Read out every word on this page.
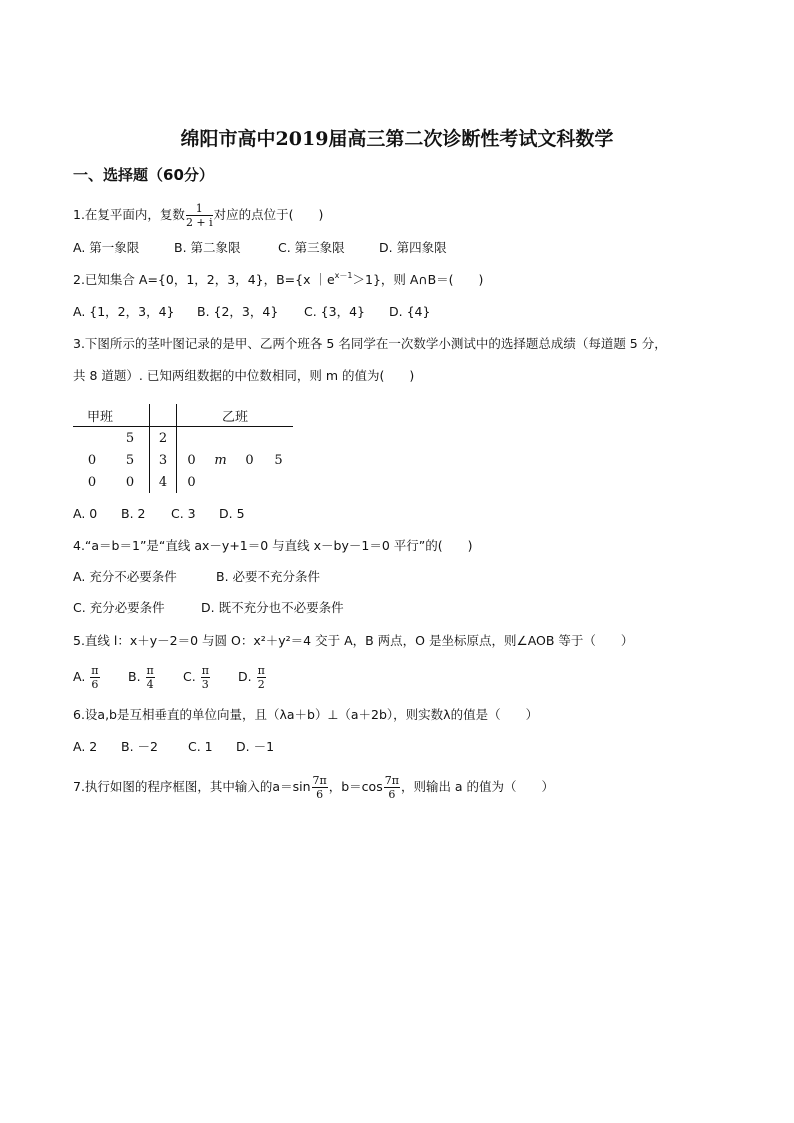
绵阳市高中2019届高三第二次诊断性考试文科数学
一、选择题（60分）
1.在复平面内，复数 $\frac{1}{2 + i}$ 对应的点位于(　　)
A. 第一象限	B. 第二象限	C. 第三象限	D. 第四象限
2.已知集合 A={0，1，2，3，4}，B={x $|e^{x-1}>1$}，则 A∩B＝(　　)
A. {1，2，3，4} B. {2，3，4} C. {3，4} D. {4}
3.下图所示的茎叶图记录的是甲、乙两个班各 5 名同学在一次数学小测试中的选择题总成绩（每道题 5 分，
共 8 道题）. 已知两组数据的中位数相同，则 m 的值为(　　)
甲班			乙班			
	5	2				
0	5	3	0	m	0	5
0	0	4	0			
A. 0 B. 2 C. 3 D. 5
4.“a＝b＝1”是“直线 ax－y+1＝0 与直线 x－by－1＝0 平行”的(　　)
A. 充分不必要条件	B. 必要不充分条件
C. 充分必要条件	D. 既不充分也不必要条件
5.直线 l：x＋y－2＝0 与圆 O：x²＋y²＝4 交于 A，B 两点，O 是坐标原点，则∠AOB 等于（　　）
A. $\frac{\pi}{6} B$. $\frac{\pi}{4} C$. $\frac{\pi}{3} D$. $\frac{\pi}{2}$
6.设a,b是互相垂直的单位向量，且（λa＋b）⊥（a＋2b），则实数λ的值是（　　）
A. 2 B. －2 C. 1 D. －1
7.执行如图的程序框图，其中输入的$a=\sin \frac{7\pi}{6}$ ，$b=\cos \frac{7\pi}{6}$ ，则输出 a 的值为（　　）
